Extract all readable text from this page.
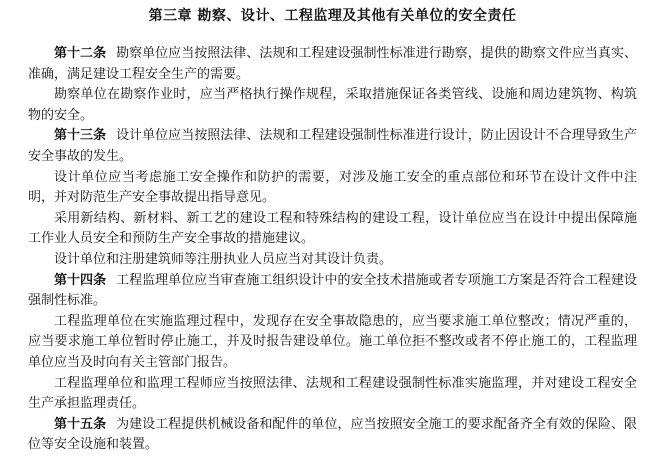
第三章 勘察、设计、工程监理及其他有关单位的安全责任

第十二条 勘察单位应当按照法律、法规和工程建设强制性标准进行勘察，提供的勘察文件应当真实、准确，满足建设工程安全生产的需要。

勘察单位在勘察作业时，应当严格执行操作规程，采取措施保证各类管线、设施和周边建筑物、构筑物的安全。

第十三条 设计单位应当按照法律、法规和工程建设强制性标准进行设计，防止因设计不合理导致生产安全事故的发生。

设计单位应当考虑施工安全操作和防护的需要，对涉及施工安全的重点部位和环节在设计文件中注明，并对防范生产安全事故提出指导意见。

采用新结构、新材料、新工艺的建设工程和特殊结构的建设工程，设计单位应当在设计中提出保障施工作业人员安全和预防生产安全事故的措施建议。

设计单位和注册建筑师等注册执业人员应当对其设计负责。

第十四条 工程监理单位应当审查施工组织设计中的安全技术措施或者专项施工方案是否符合工程建设强制性标准。

工程监理单位在实施监理过程中，发现存在安全事故隐患的，应当要求施工单位整改；情况严重的，应当要求施工单位暂时停止施工，并及时报告建设单位。施工单位拒不整改或者不停止施工的，工程监理单位应当及时向有关主管部门报告。

工程监理单位和监理工程师应当按照法律、法规和工程建设强制性标准实施监理，并对建设工程安全生产承担监理责任。

第十五条 为建设工程提供机械设备和配件的单位，应当按照安全施工的要求配备齐全有效的保险、限位等安全设施和装置。
